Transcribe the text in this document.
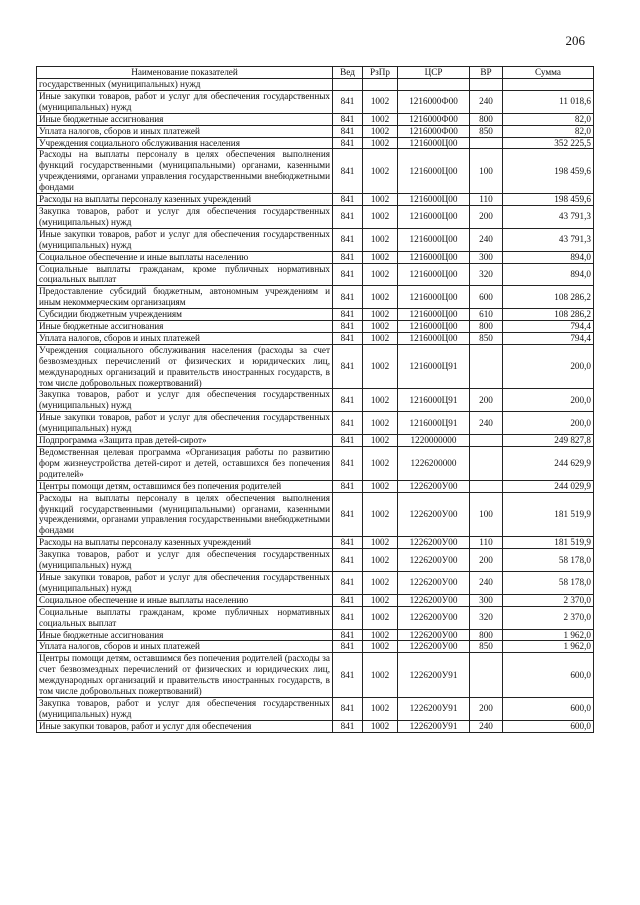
206
Наименование показателей	Вед	РзПр	ЦСР	ВР	Сумма
государственных (муниципальных) нужд					
Иные закупки товаров, работ и услуг для обеспечения государственных (муниципальных) нужд	841	1002	1216000Ф00	240	11 018,6
Иные бюджетные ассигнования	841	1002	1216000Ф00	800	82,0
Уплата налогов, сборов и иных платежей	841	1002	1216000Ф00	850	82,0
Учреждения социального обслуживания населения	841	1002	1216000Ц00		352 225,5
Расходы на выплаты персоналу в целях обеспечения выполнения функций государственными (муниципальными) органами, казенными учреждениями, органами управления государственными внебюджетными фондами	841	1002	1216000Ц00	100	198 459,6
Расходы на выплаты персоналу казенных учреждений	841	1002	1216000Ц00	110	198 459,6
Закупка товаров, работ и услуг для обеспечения государственных (муниципальных) нужд	841	1002	1216000Ц00	200	43 791,3
Иные закупки товаров, работ и услуг для обеспечения государственных (муниципальных) нужд	841	1002	1216000Ц00	240	43 791,3
Социальное обеспечение и иные выплаты населению	841	1002	1216000Ц00	300	894,0
Социальные выплаты гражданам, кроме публичных нормативных социальных выплат	841	1002	1216000Ц00	320	894,0
Предоставление субсидий бюджетным, автономным учреждениям и иным некоммерческим организациям	841	1002	1216000Ц00	600	108 286,2
Субсидии бюджетным учреждениям	841	1002	1216000Ц00	610	108 286,2
Иные бюджетные ассигнования	841	1002	1216000Ц00	800	794,4
Уплата налогов, сборов и иных платежей	841	1002	1216000Ц00	850	794,4
Учреждения социального обслуживания населения (расходы за счет безвозмездных перечислений от физических и юридических лиц, международных организаций и правительств иностранных государств, в том числе добровольных пожертвований)	841	1002	1216000Ц91		200,0
Закупка товаров, работ и услуг для обеспечения государственных (муниципальных) нужд	841	1002	1216000Ц91	200	200,0
Иные закупки товаров, работ и услуг для обеспечения государственных (муниципальных) нужд	841	1002	1216000Ц91	240	200,0
Подпрограмма «Защита прав детей-сирот»	841	1002	1220000000		249 827,8
Ведомственная целевая программа «Организация работы по развитию форм жизнеустройства детей-сирот и детей, оставшихся без попечения родителей»	841	1002	1226200000		244 629,9
Центры помощи детям, оставшимся без попечения родителей	841	1002	1226200У00		244 029,9
Расходы на выплаты персоналу в целях обеспечения выполнения функций государственными (муниципальными) органами, казенными учреждениями, органами управления государственными внебюджетными фондами	841	1002	1226200У00	100	181 519,9
Расходы на выплаты персоналу казенных учреждений	841	1002	1226200У00	110	181 519,9
Закупка товаров, работ и услуг для обеспечения государственных (муниципальных) нужд	841	1002	1226200У00	200	58 178,0
Иные закупки товаров, работ и услуг для обеспечения государственных (муниципальных) нужд	841	1002	1226200У00	240	58 178,0
Социальное обеспечение и иные выплаты населению	841	1002	1226200У00	300	2 370,0
Социальные выплаты гражданам, кроме публичных нормативных социальных выплат	841	1002	1226200У00	320	2 370,0
Иные бюджетные ассигнования	841	1002	1226200У00	800	1 962,0
Уплата налогов, сборов и иных платежей	841	1002	1226200У00	850	1 962,0
Центры помощи детям, оставшимся без попечения родителей (расходы за счет безвозмездных перечислений от физических и юридических лиц, международных организаций и правительств иностранных государств, в том числе добровольных пожертвований)	841	1002	1226200У91		600,0
Закупка товаров, работ и услуг для обеспечения государственных (муниципальных) нужд	841	1002	1226200У91	200	600,0
Иные закупки товаров, работ и услуг для обеспечения	841	1002	1226200У91	240	600,0
